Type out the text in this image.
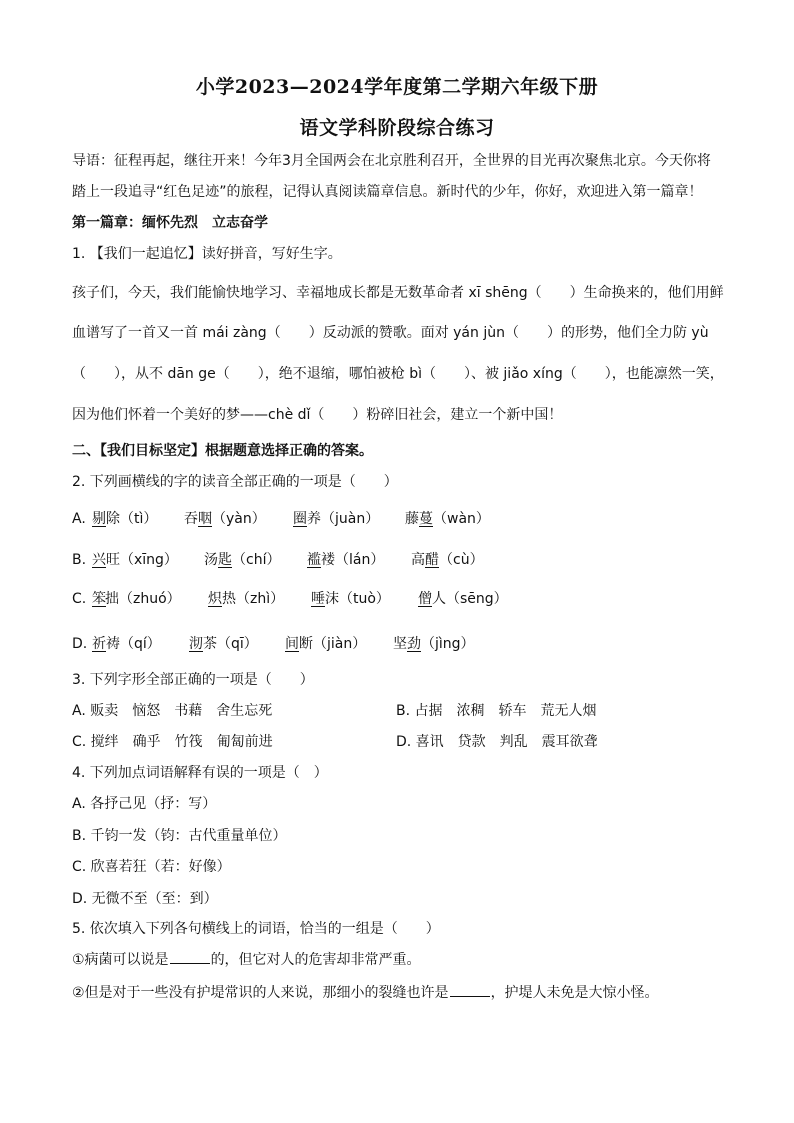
小学2023—2024学年度第二学期六年级下册
语文学科阶段综合练习
导语：征程再起，继往开来！今年3月全国两会在北京胜利召开，全世界的目光再次聚焦北京。今天你将
踏上一段追寻“红色足迹”的旅程，记得认真阅读篇章信息。新时代的少年，你好，欢迎进入第一篇章！
第一篇章：缅怀先烈　立志奋学
1. 【我们一起追忆】读好拼音，写好生字。
孩子们，今天，我们能愉快地学习、幸福地成长都是无数革命者 xī shēng（　　）生命换来的，他们用鲜
血谱写了一首又一首 mái zàng（　　）反动派的赞歌。面对 yán jùn（　　）的形势，他们全力防 yù
（　　），从不 dān ge（　　），绝不退缩，哪怕被枪 bì（　　）、被 jiǎo xíng（　　），也能凛然一笑，
因为他们怀着一个美好的梦——chè dǐ（　　）粉碎旧社会，建立一个新中国！
二、【我们目标坚定】根据题意选择正确的答案。
2. 下列画横线的字的读音全部正确的一项是（　　）
A. 剔除（tì） 吞咽（yàn） 圈养（juàn） 藤蔓（wàn）
B. 兴旺（xīng） 汤匙（chí） 褴褛（lán） 高醋（cù）
C. 笨拙（zhuó） 炽热（zhì） 唾沫（tuò） 僧人（sēng）
D. 祈祷（qí） 沏茶（qī） 间断（jiàn） 坚劲（jìng）
3. 下列字形全部正确的一项是（　　）
A. 贩卖　恼怒　书藉　舍生忘死	B. 占据　浓稠　轿车　荒无人烟
C. 搅绊　确乎　竹筏　匍匐前进	D. 喜讯　贷款　判乱　震耳欲聋
4. 下列加点词语解释有误的一项是（　）
A. 各抒己见（抒：写）
B. 千钧一发（钧：古代重量单位）
C. 欣喜若狂（若：好像）
D. 无微不至（至：到）
5. 依次填入下列各句横线上的词语，恰当的一组是（　　）
①病菌可以说是	的，但它对人的危害却非常严重。
②但是对于一些没有护堤常识的人来说，那细小的裂缝也许是	，护堤人未免是大惊小怪。
